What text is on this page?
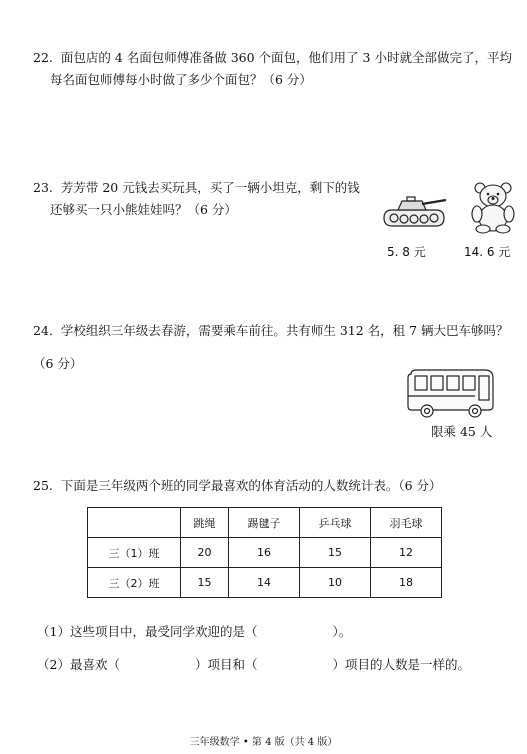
22. 面包店的 4 名面包师傅准备做 360 个面包，他们用了 3 小时就全部做完了，平均
每名面包师傅每小时做了多少个面包？（6 分）
23. 芳芳带 20 元钱去买玩具，买了一辆小坦克，剩下的钱
还够买一只小熊娃娃吗？（6 分）
5. 8 元	14. 6 元
24. 学校组织三年级去春游，需要乘车前往。共有师生 312 名，租 7 辆大巴车够吗？
（6 分）
限乘 45 人
25. 下面是三年级两个班的同学最喜欢的体育活动的人数统计表。（6 分）
	跳绳	踢毽子	乒乓球	羽毛球
三（1）班	20	16	15	12
三（2）班	15	14	10	18
（1）这些项目中，最受同学欢迎的是（　　　　　　）。
（2）最喜欢（　　　　　　）项目和（　　　　　　）项目的人数是一样的。
三年级数学 • 第 4 版（共 4 版）
